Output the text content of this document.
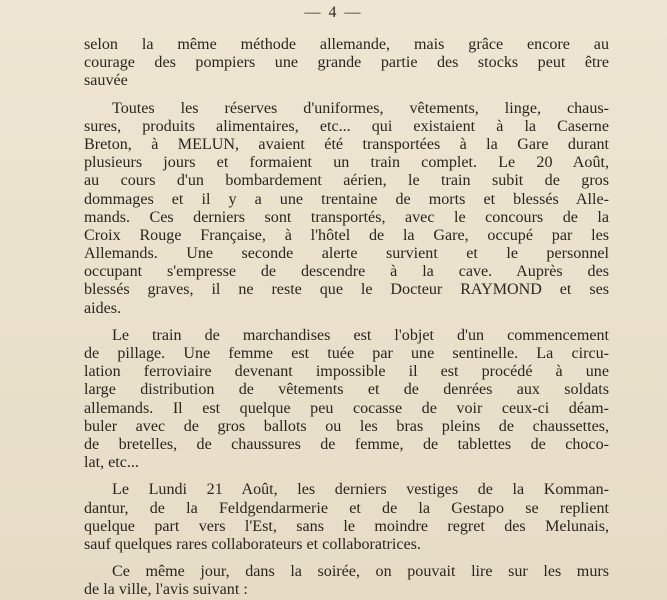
— 4 —
selon la même méthode allemande, mais grâce encore au
courage des pompiers une grande partie des stocks peut être
sauvée
Toutes les réserves d'uniformes, vêtements, linge, chaus-
sures, produits alimentaires, etc... qui existaient à la Caserne
Breton, à MELUN, avaient été transportées à la Gare durant
plusieurs jours et formaient un train complet. Le 20 Août,
au cours d'un bombardement aérien, le train subit de gros
dommages et il y a une trentaine de morts et blessés Alle-
mands. Ces derniers sont transportés, avec le concours de la
Croix Rouge Française, à l'hôtel de la Gare, occupé par les
Allemands. Une seconde alerte survient et le personnel
occupant s'empresse de descendre à la cave. Auprès des
blessés graves, il ne reste que le Docteur RAYMOND et ses
aides.
Le train de marchandises est l'objet d'un commencement
de pillage. Une femme est tuée par une sentinelle. La circu-
lation ferroviaire devenant impossible il est procédé à une
large distribution de vêtements et de denrées aux soldats
allemands. Il est quelque peu cocasse de voir ceux-ci déam-
buler avec de gros ballots ou les bras pleins de chaussettes,
de bretelles, de chaussures de femme, de tablettes de choco-
lat, etc...
Le Lundi 21 Août, les derniers vestiges de la Komman-
dantur, de la Feldgendarmerie et de la Gestapo se replient
quelque part vers l'Est, sans le moindre regret des Melunais,
sauf quelques rares collaborateurs et collaboratrices.
Ce même jour, dans la soirée, on pouvait lire sur les murs
de la ville, l'avis suivant :
